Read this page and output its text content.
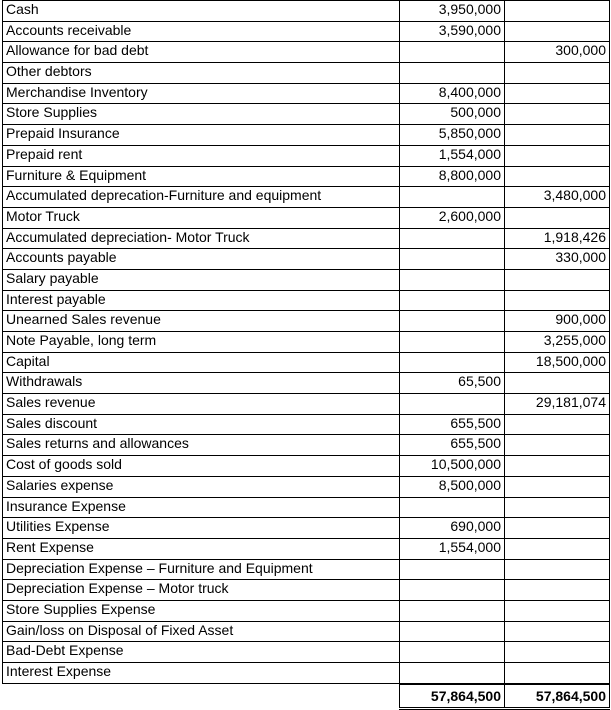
Cash	3,950,000	
Accounts receivable	3,590,000	
Allowance for bad debt		300,000
Other debtors		
Merchandise Inventory	8,400,000	
Store Supplies	500,000	
Prepaid Insurance	5,850,000	
Prepaid rent	1,554,000	
Furniture & Equipment	8,800,000	
Accumulated deprecation-Furniture and equipment		3,480,000
Motor Truck	2,600,000	
Accumulated depreciation- Motor Truck		1,918,426
Accounts payable		330,000
Salary payable		
Interest payable		
Unearned Sales revenue		900,000
Note Payable, long term		3,255,000
Capital		18,500,000
Withdrawals	65,500	
Sales revenue		29,181,074
Sales discount	655,500	
Sales returns and allowances	655,500	
Cost of goods sold	10,500,000	
Salaries expense	8,500,000	
Insurance Expense		
Utilities Expense	690,000	
Rent Expense	1,554,000	
Depreciation Expense – Furniture and Equipment		
Depreciation Expense – Motor truck		
Store Supplies Expense		
Gain/loss on Disposal of Fixed Asset		
Bad-Debt Expense		
Interest Expense		
	57,864,500	57,864,500
